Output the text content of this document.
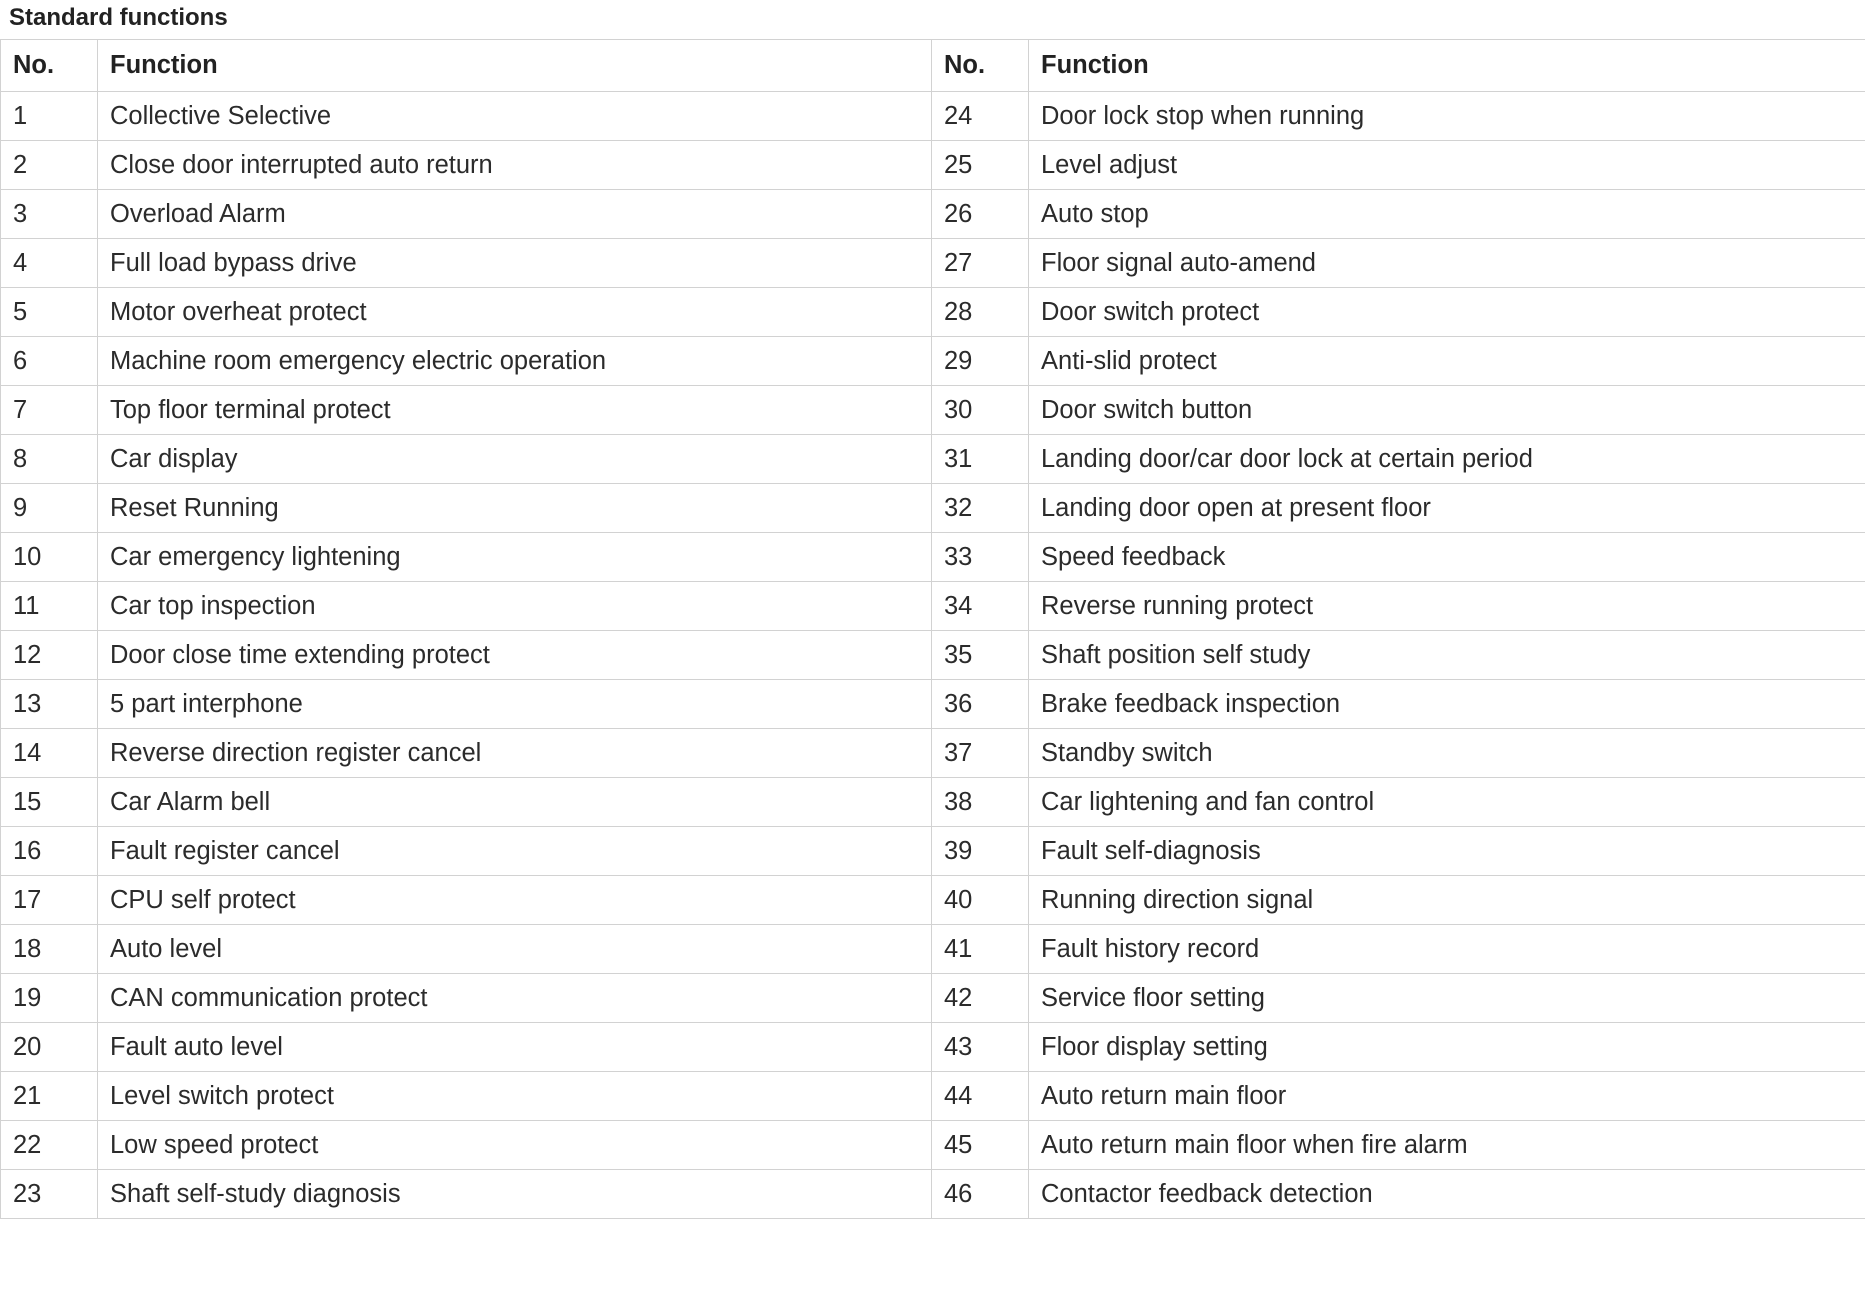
Standard functions
No.	Function	No.	Function
1	Collective Selective	24	Door lock stop when running
2	Close door interrupted auto return	25	Level adjust
3	Overload Alarm	26	Auto stop
4	Full load bypass drive	27	Floor signal auto-amend
5	Motor overheat protect	28	Door switch protect
6	Machine room emergency electric operation	29	Anti-slid protect
7	Top floor terminal protect	30	Door switch button
8	Car display	31	Landing door/car door lock at certain period
9	Reset Running	32	Landing door open at present floor
10	Car emergency lightening	33	Speed feedback
11	Car top inspection	34	Reverse running protect
12	Door close time extending protect	35	Shaft position self study
13	5 part interphone	36	Brake feedback inspection
14	Reverse direction register cancel	37	Standby switch
15	Car Alarm bell	38	Car lightening and fan control
16	Fault register cancel	39	Fault self-diagnosis
17	CPU self protect	40	Running direction signal
18	Auto level	41	Fault history record
19	CAN communication protect	42	Service floor setting
20	Fault auto level	43	Floor display setting
21	Level switch protect	44	Auto return main floor
22	Low speed protect	45	Auto return main floor when fire alarm
23	Shaft self-study diagnosis	46	Contactor feedback detection
